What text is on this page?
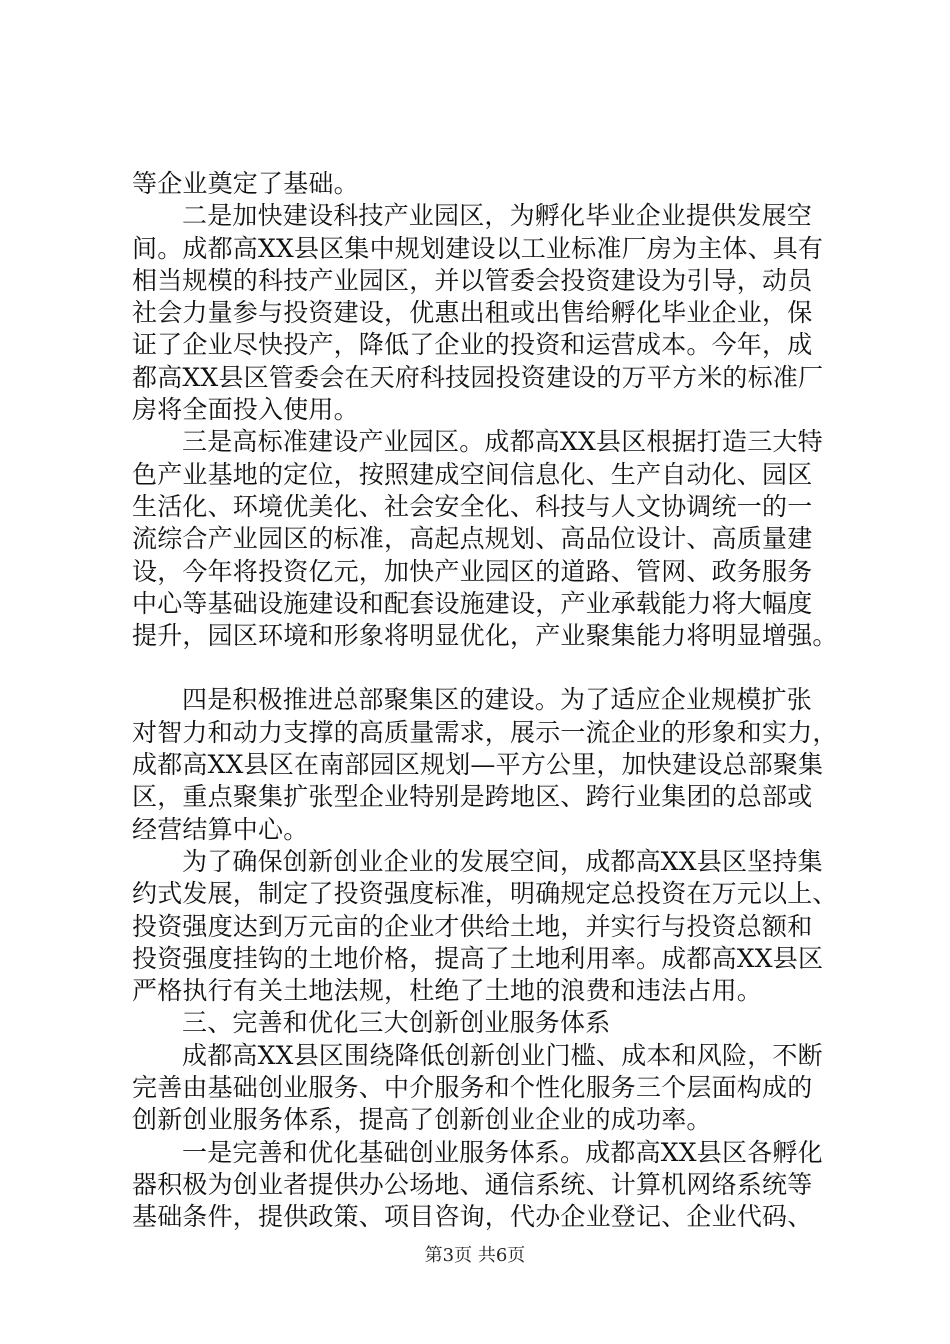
等企业奠定了基础。
二是加快建设科技产业园区，为孵化毕业企业提供发展空
间。成都高XX县区集中规划建设以工业标准厂房为主体、具有
相当规模的科技产业园区，并以管委会投资建设为引导，动员
社会力量参与投资建设，优惠出租或出售给孵化毕业企业，保
证了企业尽快投产，降低了企业的投资和运营成本。今年，成
都高XX县区管委会在天府科技园投资建设的万平方米的标准厂
房将全面投入使用。
三是高标准建设产业园区。成都高XX县区根据打造三大特
色产业基地的定位，按照建成空间信息化、生产自动化、园区
生活化、环境优美化、社会安全化、科技与人文协调统一的一
流综合产业园区的标准，高起点规划、高品位设计、高质量建
设，今年将投资亿元，加快产业园区的道路、管网、政务服务
中心等基础设施建设和配套设施建设，产业承载能力将大幅度
提升，园区环境和形象将明显优化，产业聚集能力将明显增强。
四是积极推进总部聚集区的建设。为了适应企业规模扩张
对智力和动力支撑的高质量需求，展示一流企业的形象和实力，
成都高XX县区在南部园区规划—平方公里，加快建设总部聚集
区，重点聚集扩张型企业特别是跨地区、跨行业集团的总部或
经营结算中心。
为了确保创新创业企业的发展空间，成都高XX县区坚持集
约式发展，制定了投资强度标准，明确规定总投资在万元以上、
投资强度达到万元亩的企业才供给土地，并实行与投资总额和
投资强度挂钩的土地价格，提高了土地利用率。成都高XX县区
严格执行有关土地法规，杜绝了土地的浪费和违法占用。
三、完善和优化三大创新创业服务体系
成都高XX县区围绕降低创新创业门槛、成本和风险，不断
完善由基础创业服务、中介服务和个性化服务三个层面构成的
创新创业服务体系，提高了创新创业企业的成功率。
一是完善和优化基础创业服务体系。成都高XX县区各孵化
器积极为创业者提供办公场地、通信系统、计算机网络系统等
基础条件，提供政策、项目咨询，代办企业登记、企业代码、
第3页 共6页
